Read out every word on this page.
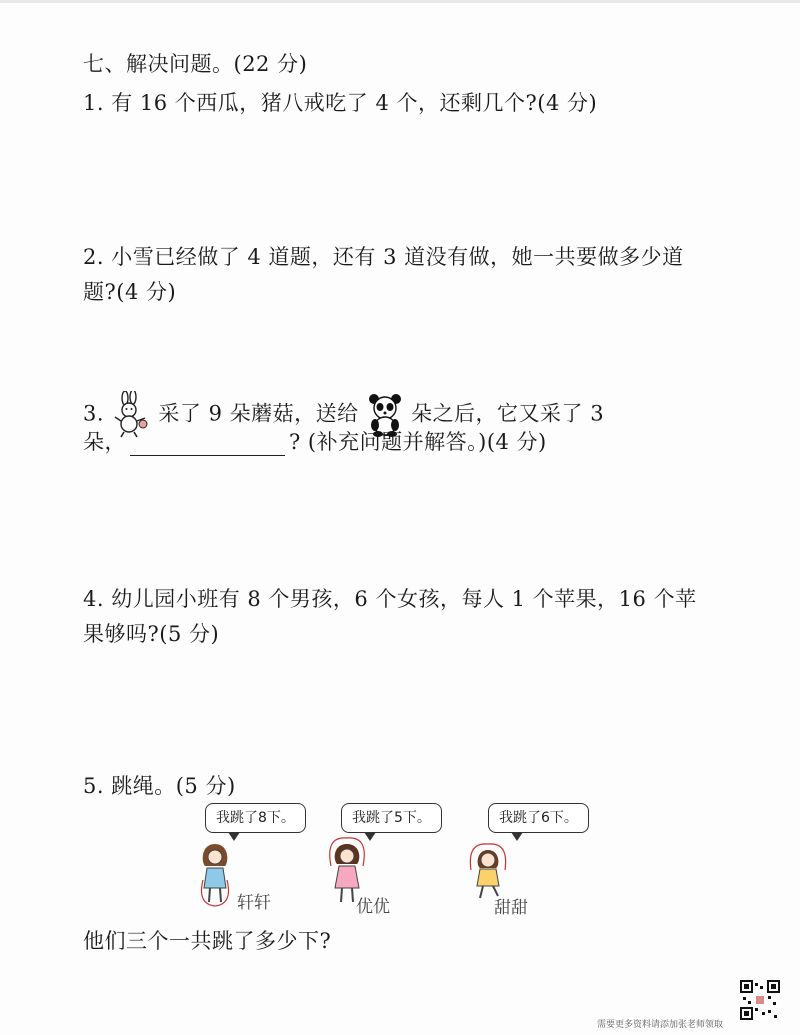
七、解决问题。(22 分)
1. 有 16 个西瓜，猪八戒吃了 4 个，还剩几个?(4 分)
2. 小雪已经做了 4 道题，还有 3 道没有做，她一共要做多少道
题?(4 分)
3.	采了 9 朵蘑菇，送给 朵之后，它又采了 3
朵，	? (补充问题并解答。)(4 分)
4. 幼儿园小班有 8 个男孩，6 个女孩，每人 1 个苹果，16 个苹
果够吗?(5 分)
5. 跳绳。(5 分)
我跳了8下。	我跳了5下。	我跳了6下。
轩轩	优优	甜甜
他们三个一共跳了多少下?
需要更多资料请添加张老师领取
